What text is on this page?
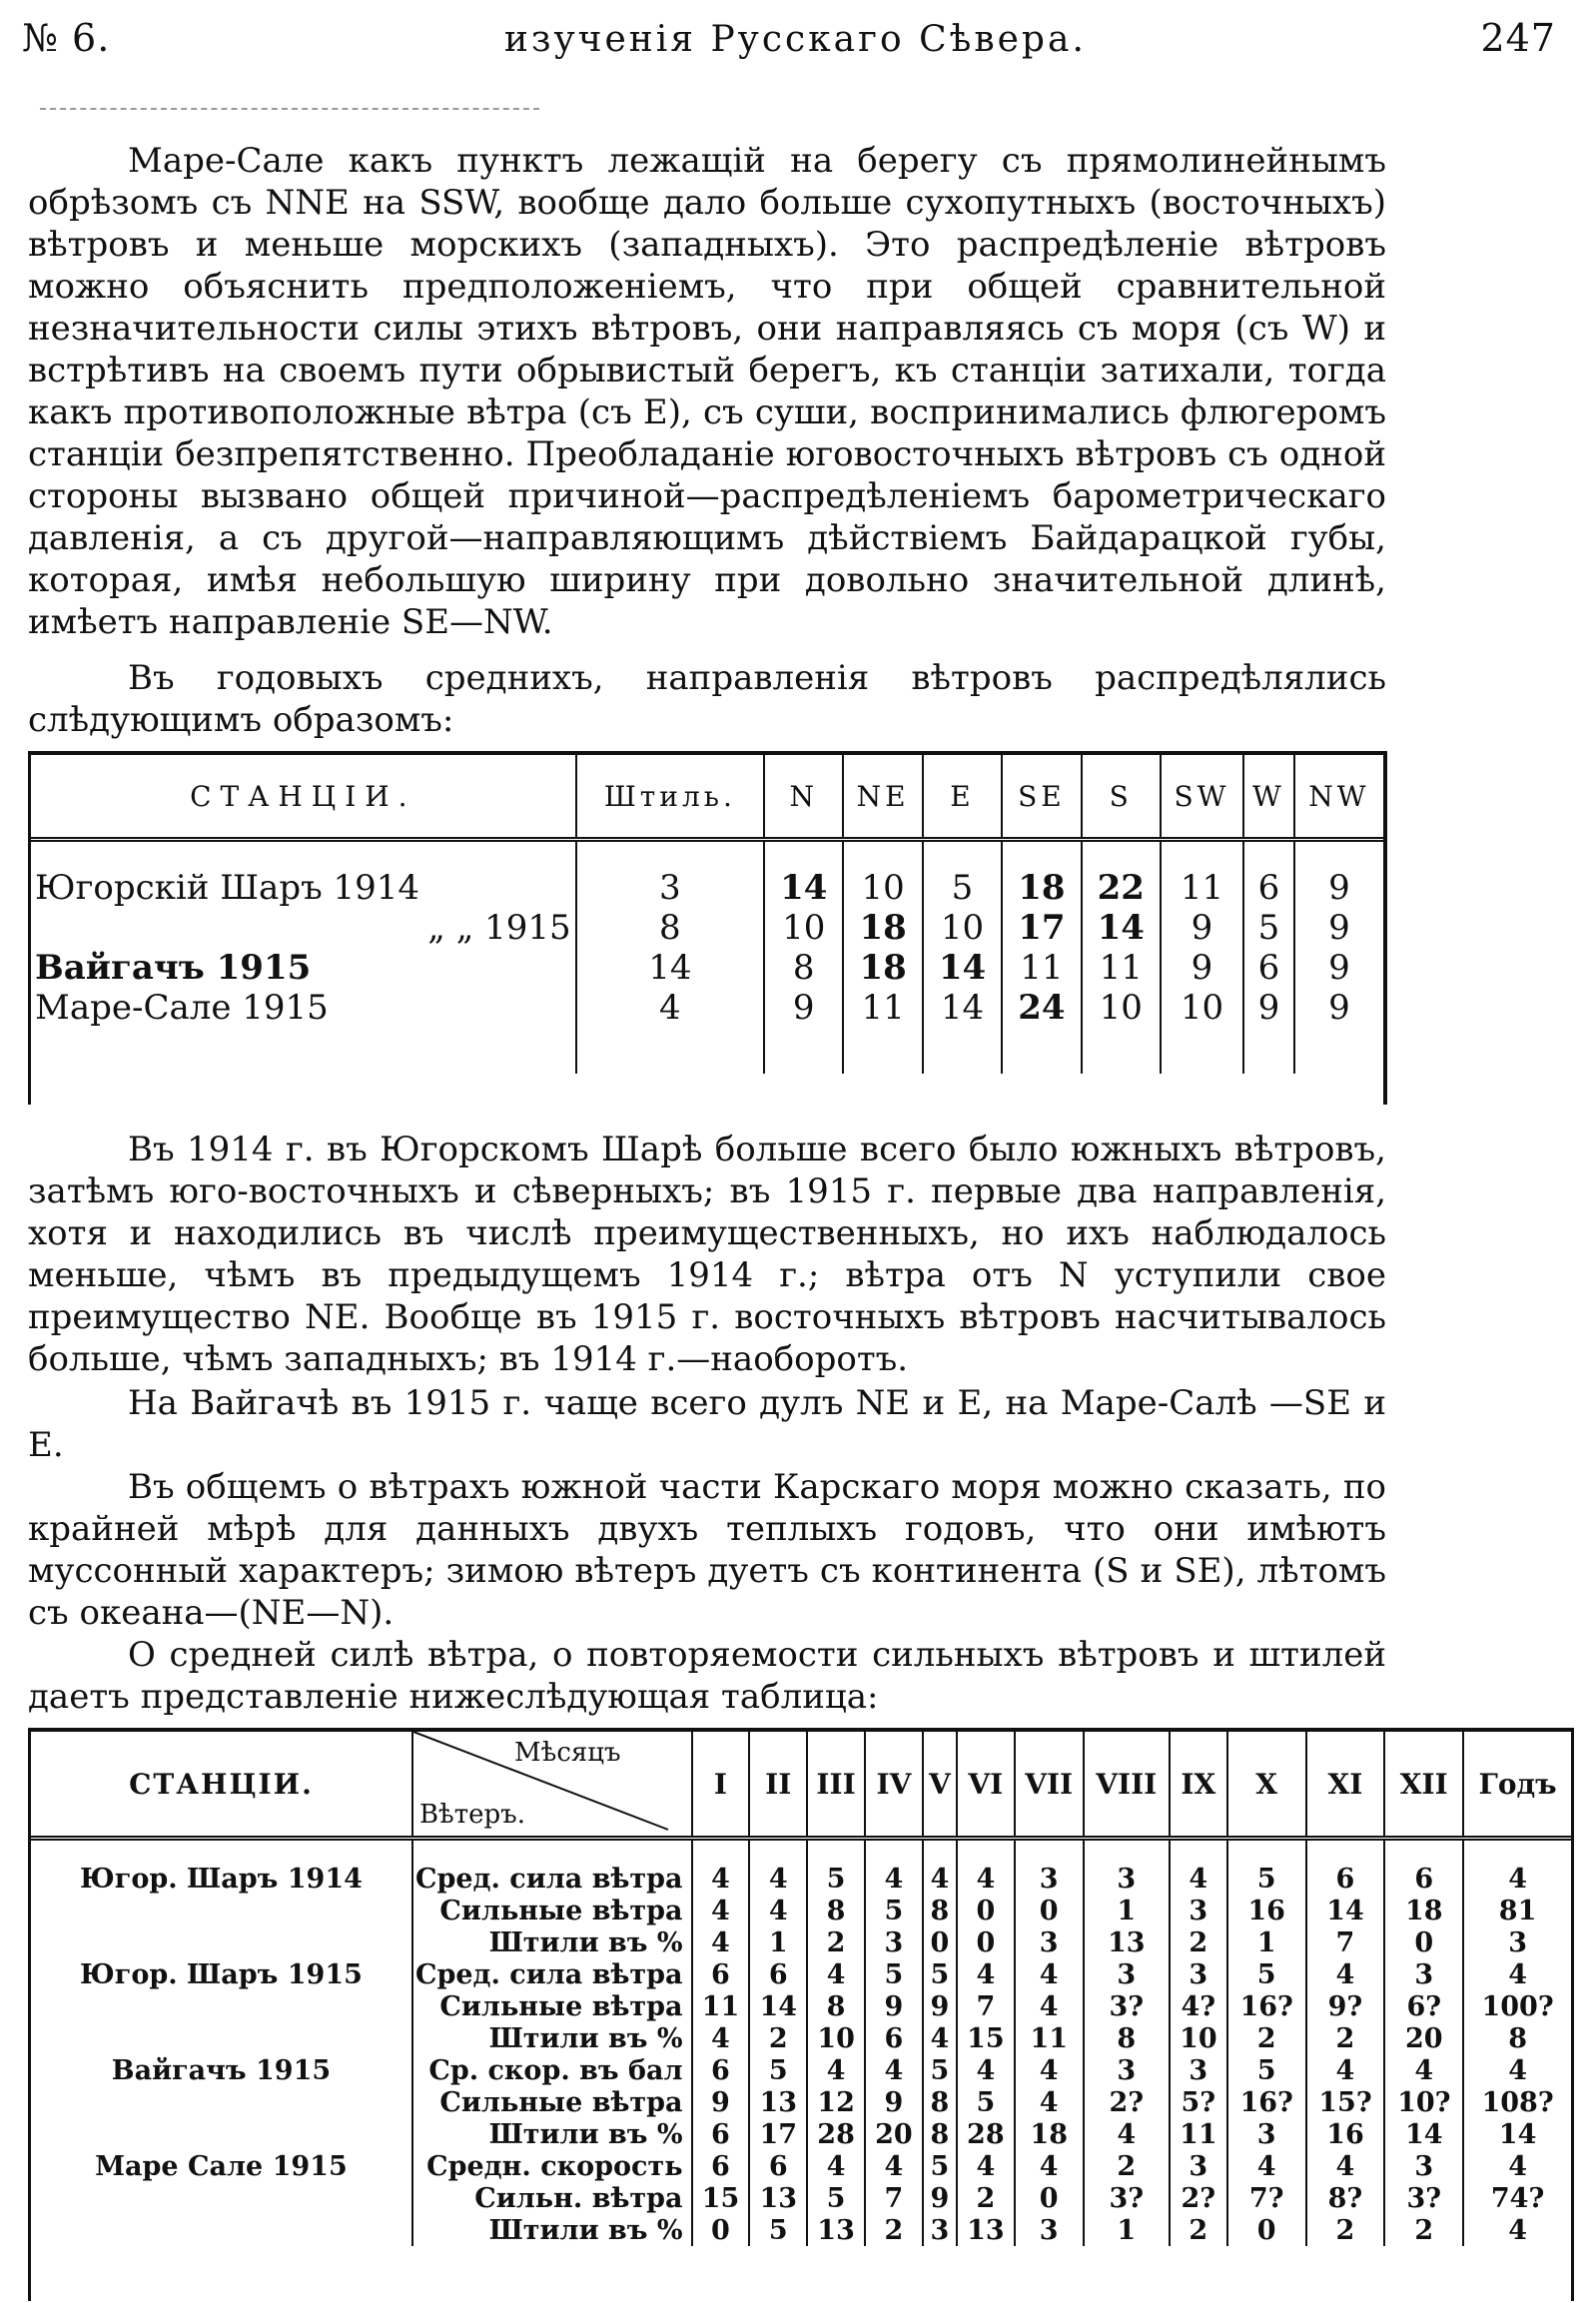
№ 6.	изученія Русскаго Сѣвера.	247

Маре-Сале какъ пунктъ лежащій на берегу съ прямолинейнымъ обрѣзомъ съ NNE на SSW, вообще дало больше сухопутныхъ (восточныхъ) вѣтровъ и меньше морскихъ (западныхъ). Это распредѣленіе вѣтровъ можно объяснить предположеніемъ, что при общей сравнительной незначительности силы этихъ вѣтровъ, они направляясь съ моря (съ W) и встрѣтивъ на своемъ пути обрывистый берегъ, къ станціи затихали, тогда какъ противоположные вѣтра (съ E), съ суши, воспринимались флюгеромъ станціи безпрепятственно. Преобладаніе юговосточныхъ вѣтровъ съ одной стороны вызвано общей причиной—распредѣленіемъ барометрическаго давленія, а съ другой—направляющимъ дѣйствіемъ Байдарацкой губы, которая, имѣя небольшую ширину при довольно значительной длинѣ, имѣетъ направленіе SE—NW.

Въ годовыхъ среднихъ, направленія вѣтровъ распредѣлялись слѣдующимъ образомъ:

СТАНЦІИ.	Штиль.	N	NE	E	SE	S	SW	W	NW
Югорскій Шаръ 1914	3	14	10	5	18	22	11	6	9
„ „ 1915	8	10	18	10	17	14	9	5	9
Вайгачъ 1915	14	8	18	14	11	11	9	6	9
Маре-Сале 1915	4	9	11	14	24	10	10	9	9

Въ 1914 г. въ Югорскомъ Шарѣ больше всего было южныхъ вѣтровъ, затѣмъ юго-восточныхъ и сѣверныхъ; въ 1915 г. первые два направленія, хотя и находились въ числѣ преимущественныхъ, но ихъ наблюдалось меньше, чѣмъ въ предыдущемъ 1914 г.; вѣтра отъ N уступили свое преимущество NE. Вообще въ 1915 г. восточныхъ вѣтровъ насчитывалось больше, чѣмъ западныхъ; въ 1914 г.—наоборотъ.

На Вайгачѣ въ 1915 г. чаще всего дулъ NE и E, на Маре-Салѣ —SE и E.

Въ общемъ о вѣтрахъ южной части Карскаго моря можно сказать, по крайней мѣрѣ для данныхъ двухъ теплыхъ годовъ, что они имѣютъ муссонный характеръ; зимою вѣтеръ дуетъ съ континента (S и SE), лѣтомъ съ океана—(NE—N).

О средней силѣ вѣтра, о повторяемости сильныхъ вѣтровъ и штилей даетъ представленіе нижеслѣдующая таблица:

СТАНЦІИ.	Мѣсяцъ
Вѣтеръ.	I	II	III	IV	V	VI	VII	VIII	IX	X	XI	XII	Годъ
Югор. Шаръ 1914	Сред. сила вѣтра	4	4	5	4	4	4	3	3	4	5	6	6	4
	Сильные вѣтра	4	4	8	5	8	0	0	1	3	16	14	18	81
	Штили въ %	4	1	2	3	0	0	3	13	2	1	7	0	3
Югор. Шаръ 1915	Сред. сила вѣтра	6	6	4	5	5	4	4	3	3	5	4	3	4
	Сильные вѣтра	11	14	8	9	9	7	4	3?	4?	16?	9?	6?	100?
	Штили въ %	4	2	10	6	4	15	11	8	10	2	2	20	8
Вайгачъ 1915	Ср. скор. въ бал	6	5	4	4	5	4	4	3	3	5	4	4	4
	Сильные вѣтра	9	13	12	9	8	5	4	2?	5?	16?	15?	10?	108?
	Штили въ %	6	17	28	20	8	28	18	4	11	3	16	14	14
Маре Сале 1915	Средн. скорость	6	6	4	4	5	4	4	2	3	4	4	3	4
	Сильн. вѣтра	15	13	5	7	9	2	0	3?	2?	7?	8?	3?	74?
	Штили въ %	0	5	13	2	3	13	3	1	2	0	2	2	4
